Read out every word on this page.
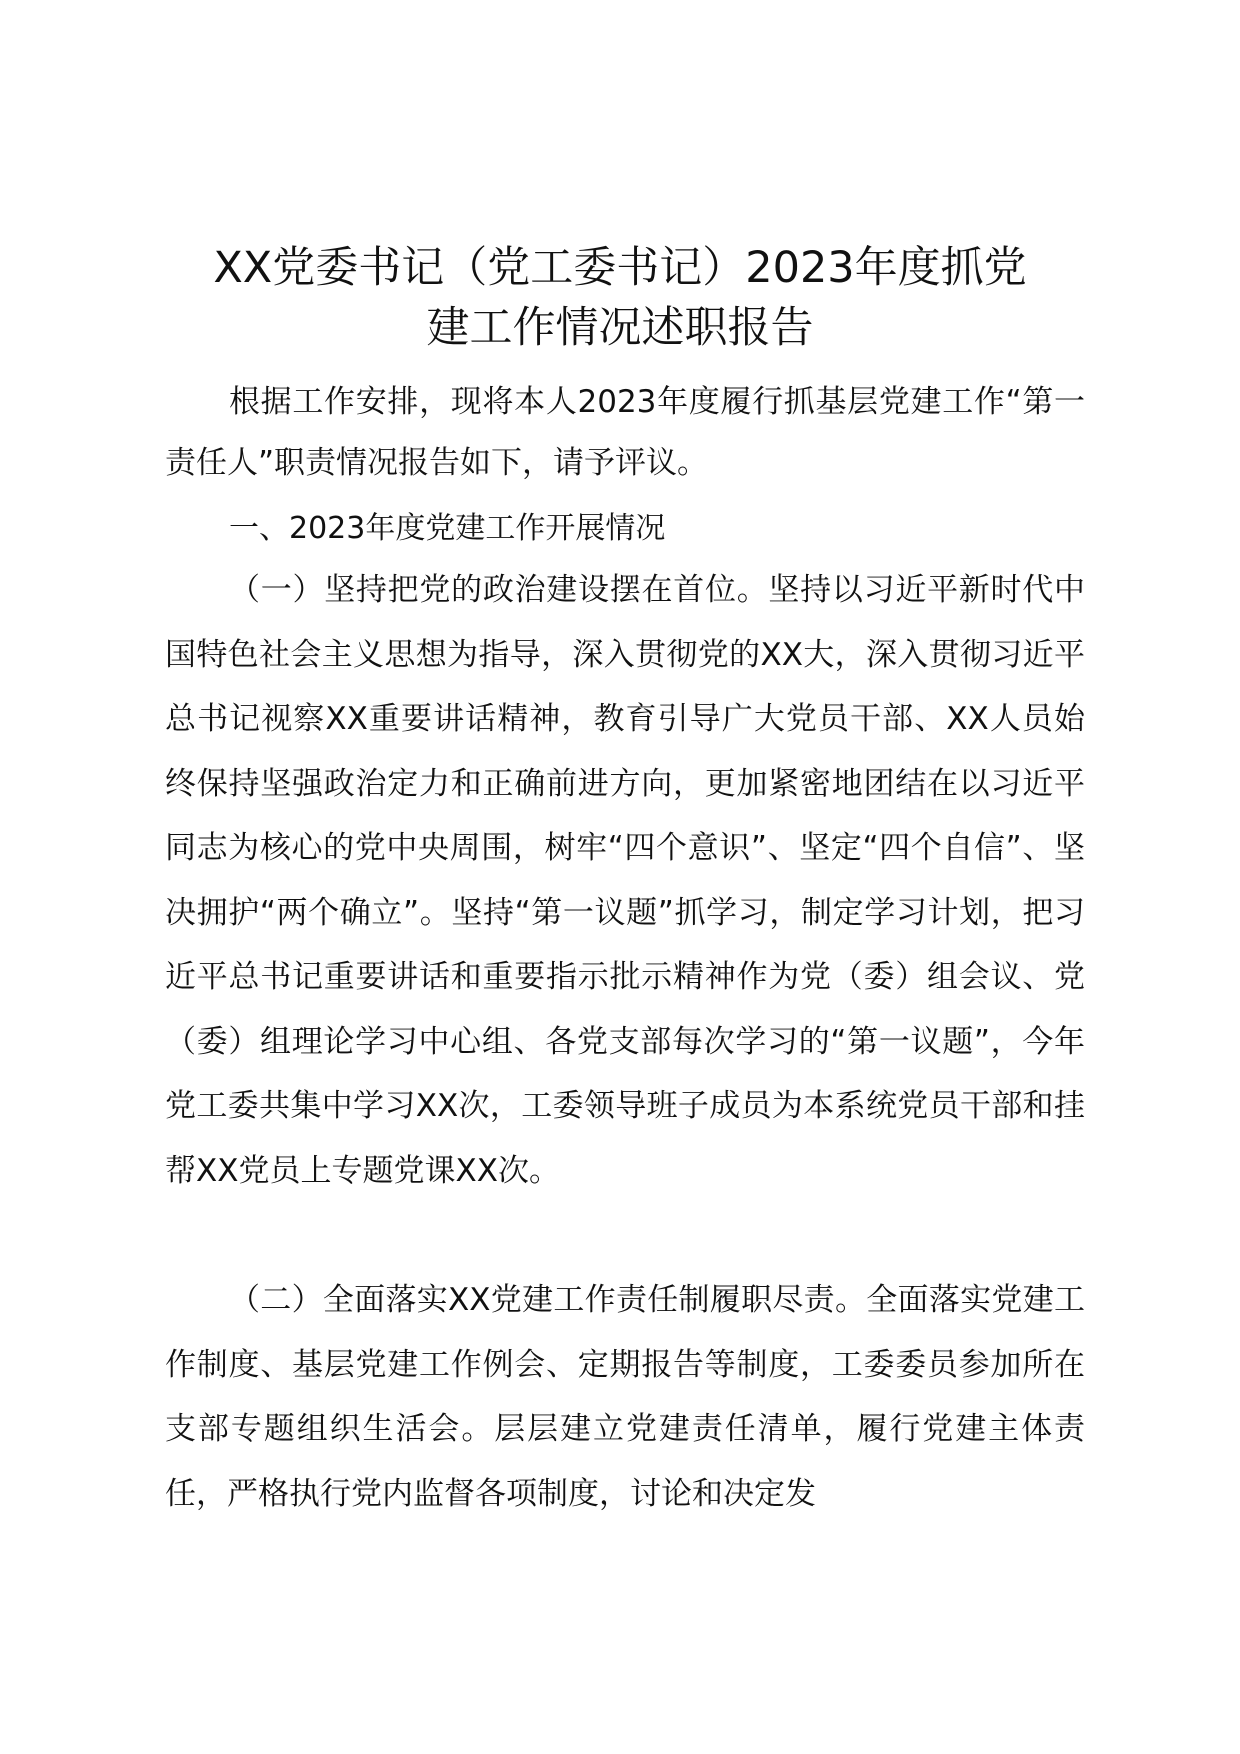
XX党委书记（党工委书记）2023年度抓党
建工作情况述职报告
根据工作安排，现将本人2023年度履行抓基层党建工作“第一责任人”职责情况报告如下，请予评议。
一、2023年度党建工作开展情况
（一）坚持把党的政治建设摆在首位。坚持以习近平新时代中国特色社会主义思想为指导，深入贯彻党的XX大，深入贯彻习近平总书记视察XX重要讲话精神，教育引导广大党员干部、XX人员始终保持坚强政治定力和正确前进方向，更加紧密地团结在以习近平同志为核心的党中央周围，树牢“四个意识”、坚定“四个自信”、坚决拥护“两个确立”。坚持“第一议题”抓学习，制定学习计划，把习近平总书记重要讲话和重要指示批示精神作为党（委）组会议、党（委）组理论学习中心组、各党支部每次学习的“第一议题”，今年党工委共集中学习XX次，工委领导班子成员为本系统党员干部和挂帮XX党员上专题党课XX次。
（二）全面落实XX党建工作责任制履职尽责。全面落实党建工作制度、基层党建工作例会、定期报告等制度，工委委员参加所在支部专题组织生活会。层层建立党建责任清单，履行党建主体责任，严格执行党内监督各项制度，讨论和决定发
